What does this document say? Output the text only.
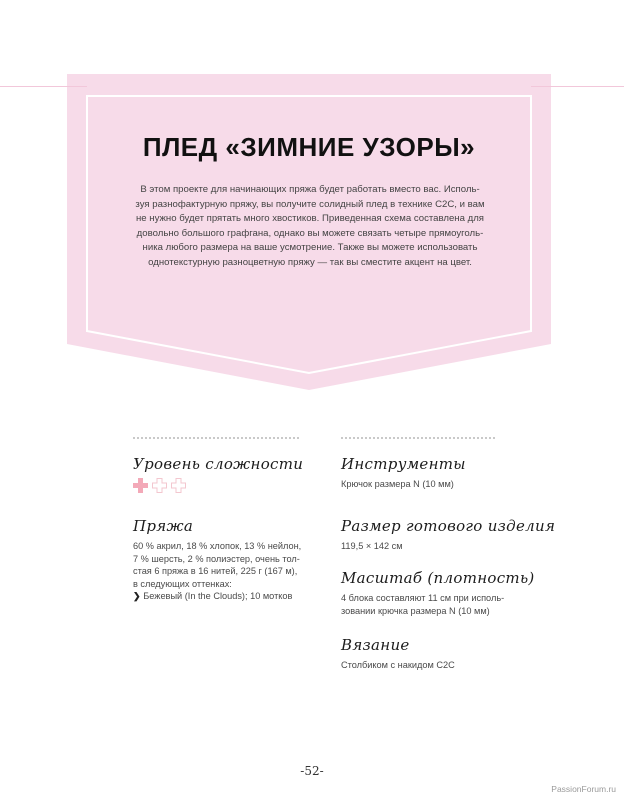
ПЛЕД «ЗИМНИЕ УЗОРЫ»

В этом проекте для начинающих пряжа будет работать вместо вас. Исполь-
зуя разнофактурную пряжу, вы получите солидный плед в технике С2С, и вам
не нужно будет прятать много хвостиков. Приведенная схема составлена для
довольно большого графгана, однако вы можете связать четыре прямоуголь-
ника любого размера на ваше усмотрение. Также вы можете использовать
однотекстурную разноцветную пряжу — так вы сместите акцент на цвет.

Уровень сложности

Пряжа

60 % акрил, 18 % хлопок, 13 % нейлон,
7 % шерсть, 2 % полиэстер, очень тол-
стая 6 пряжа в 16 нитей, 225 г (167 м),
в следующих оттенках:
❯ Бежевый (In the Clouds); 10 мотков

Инструменты

Крючок размера N (10 мм)

Размер готового изделия

119,5 × 142 см

Масштаб (плотность)

4 блока составляют 11 см при исполь-
зовании крючка размера N (10 мм)

Вязание

Столбиком с накидом С2С

-52-
PassionForum.ru
